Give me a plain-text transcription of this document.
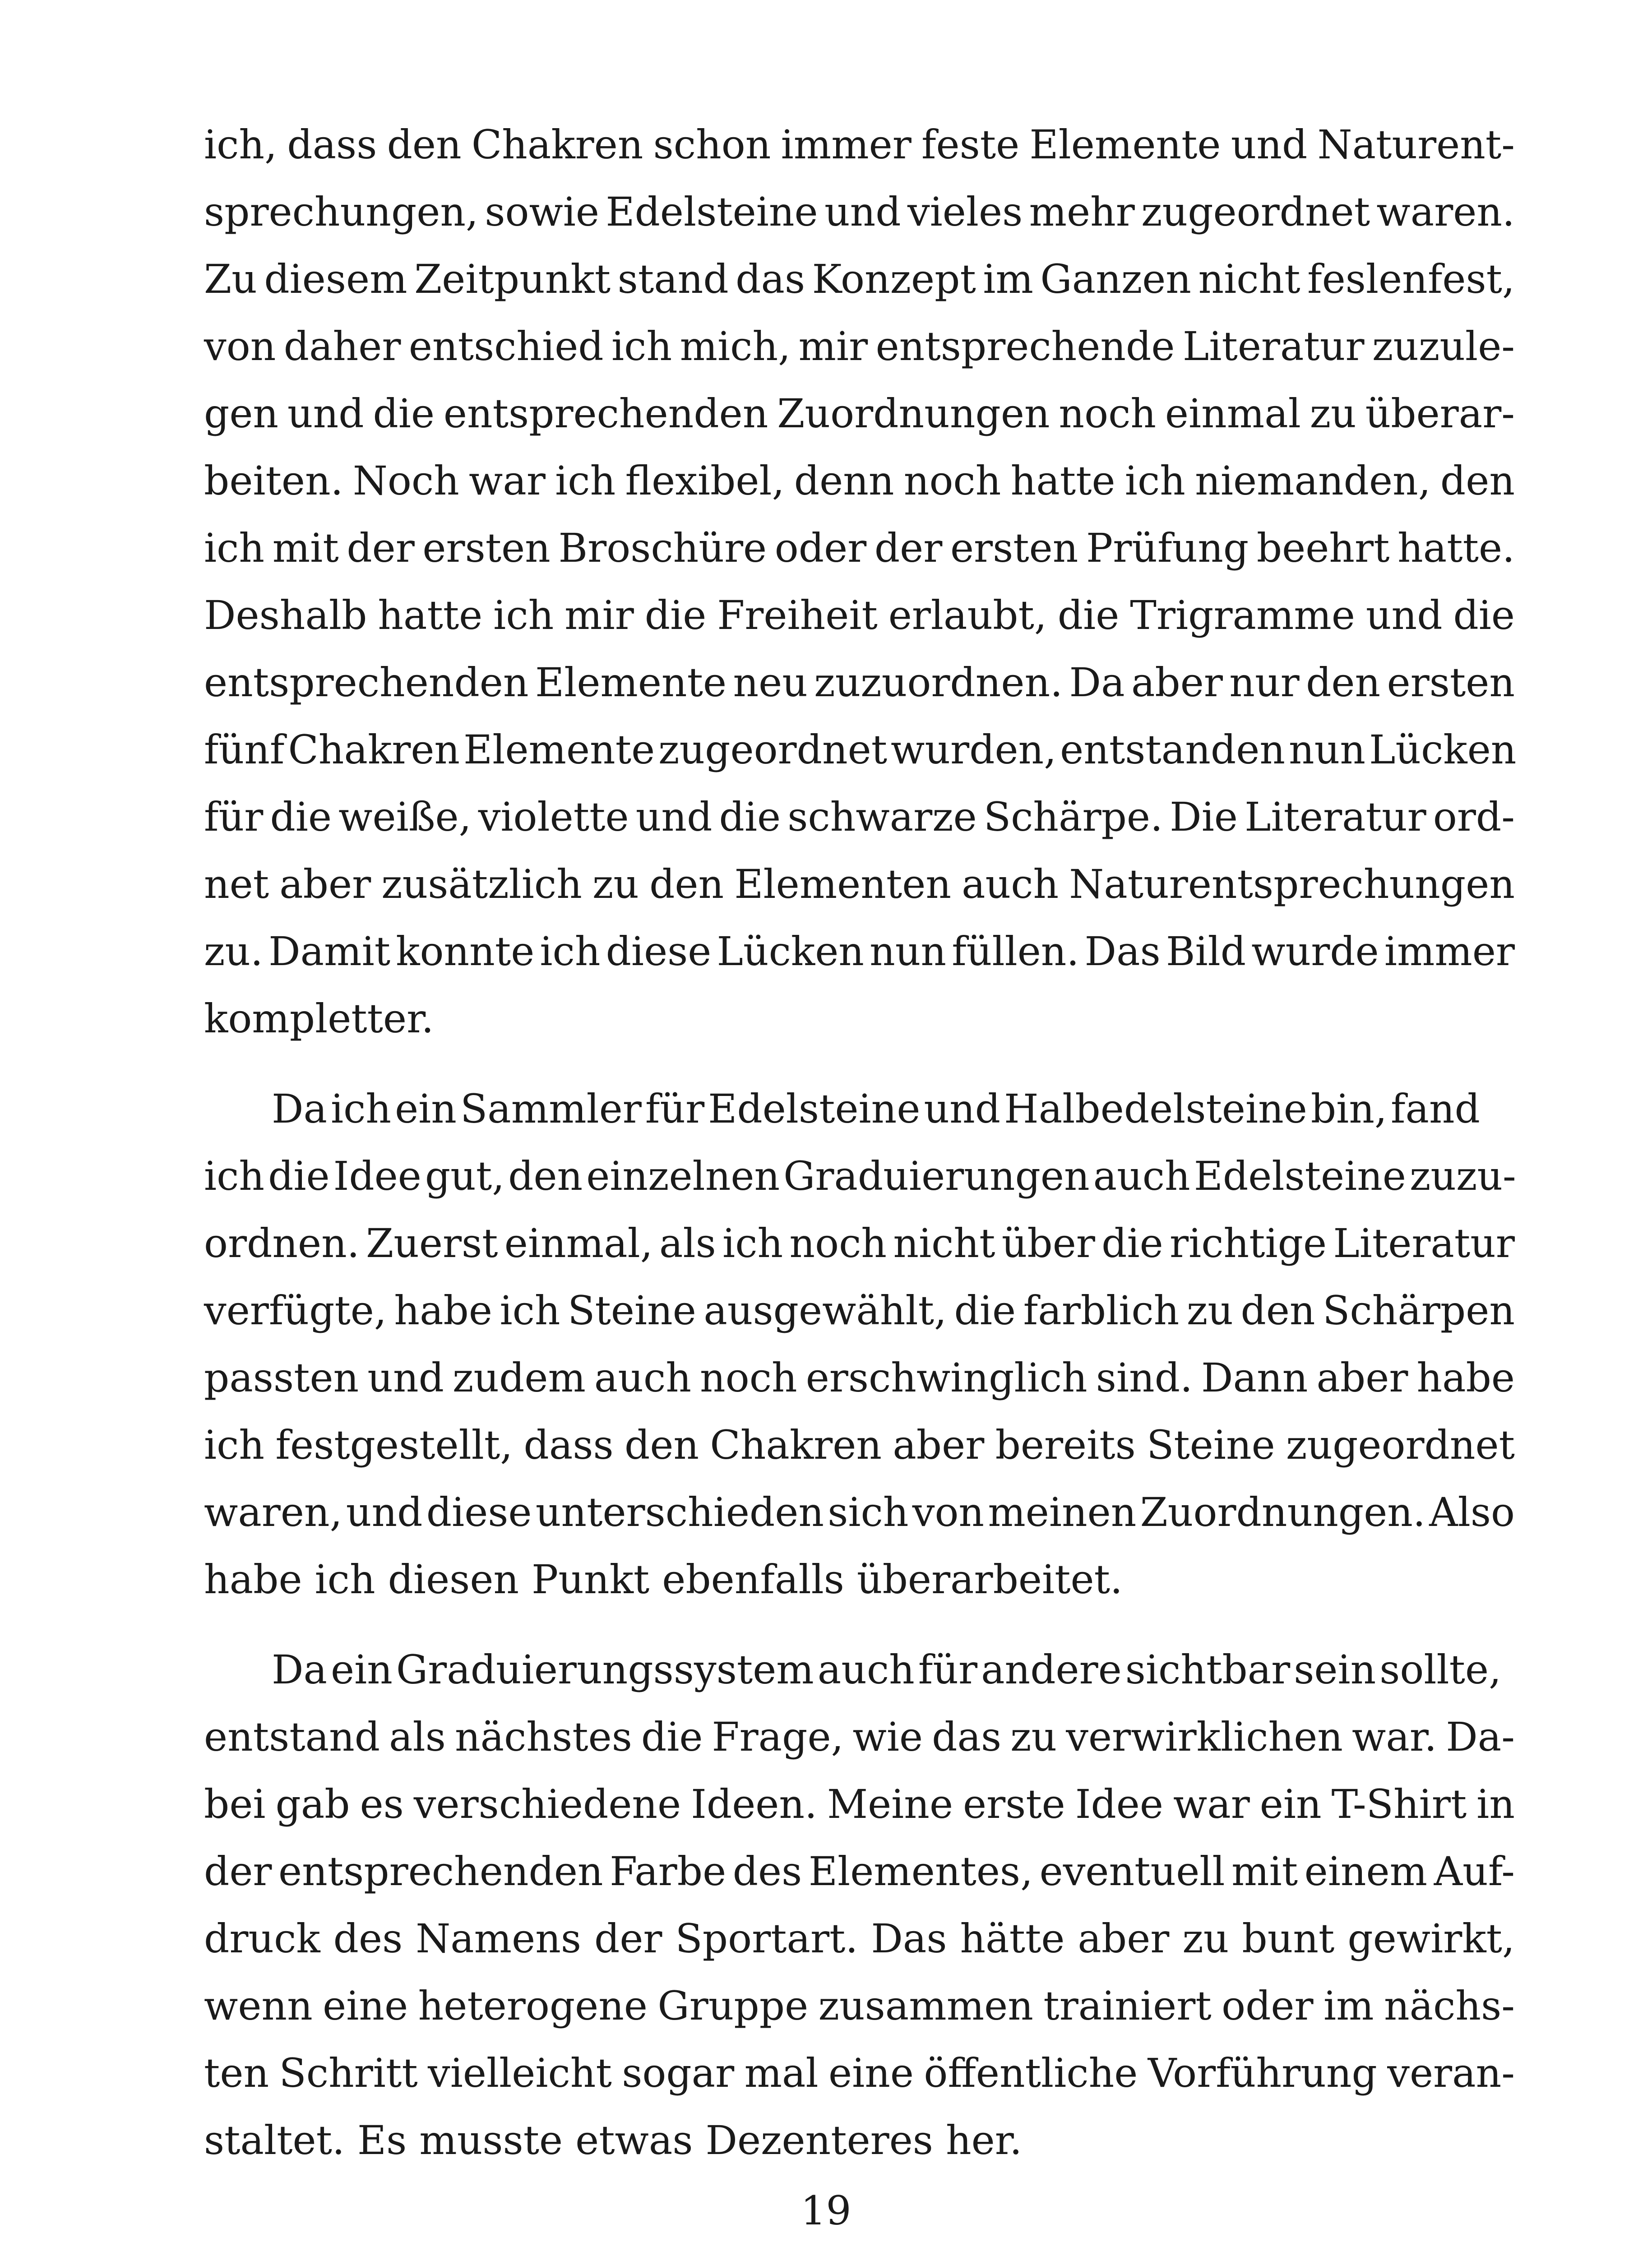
ich, dass den Chakren schon immer feste Elemente und Naturent-
sprechungen, sowie Edelsteine und vieles mehr zugeordnet waren.
Zu diesem Zeitpunkt stand das Konzept im Ganzen nicht feslenfest,
von daher entschied ich mich, mir entsprechende Literatur zuzule-
gen und die entsprechenden Zuordnungen noch einmal zu überar-
beiten. Noch war ich flexibel, denn noch hatte ich niemanden, den
ich mit der ersten Broschüre oder der ersten Prüfung beehrt hatte.
Deshalb hatte ich mir die Freiheit erlaubt, die Trigramme und die
entsprechenden Elemente neu zuzuordnen. Da aber nur den ersten
fünf Chakren Elemente zugeordnet wurden, entstanden nun Lücken
für die weiße, violette und die schwarze Schärpe. Die Literatur ord-
net aber zusätzlich zu den Elementen auch Naturentsprechungen
zu. Damit konnte ich diese Lücken nun füllen. Das Bild wurde immer
kompletter.
Da ich ein Sammler für Edelsteine und Halbedelsteine bin, fand
ich die Idee gut, den einzelnen Graduierungen auch Edelsteine zuzu-
ordnen. Zuerst einmal, als ich noch nicht über die richtige Literatur
verfügte, habe ich Steine ausgewählt, die farblich zu den Schärpen
passten und zudem auch noch erschwinglich sind. Dann aber habe
ich festgestellt, dass den Chakren aber bereits Steine zugeordnet
waren, und diese unterschieden sich von meinen Zuordnungen. Also
habe ich diesen Punkt ebenfalls überarbeitet.
Da ein Graduierungssystem auch für andere sichtbar sein sollte,
entstand als nächstes die Frage, wie das zu verwirklichen war. Da-
bei gab es verschiedene Ideen. Meine erste Idee war ein T-Shirt in
der entsprechenden Farbe des Elementes, eventuell mit einem Auf-
druck des Namens der Sportart. Das hätte aber zu bunt gewirkt,
wenn eine heterogene Gruppe zusammen trainiert oder im nächs-
ten Schritt vielleicht sogar mal eine öffentliche Vorführung veran-
staltet. Es musste etwas Dezenteres her.
19
